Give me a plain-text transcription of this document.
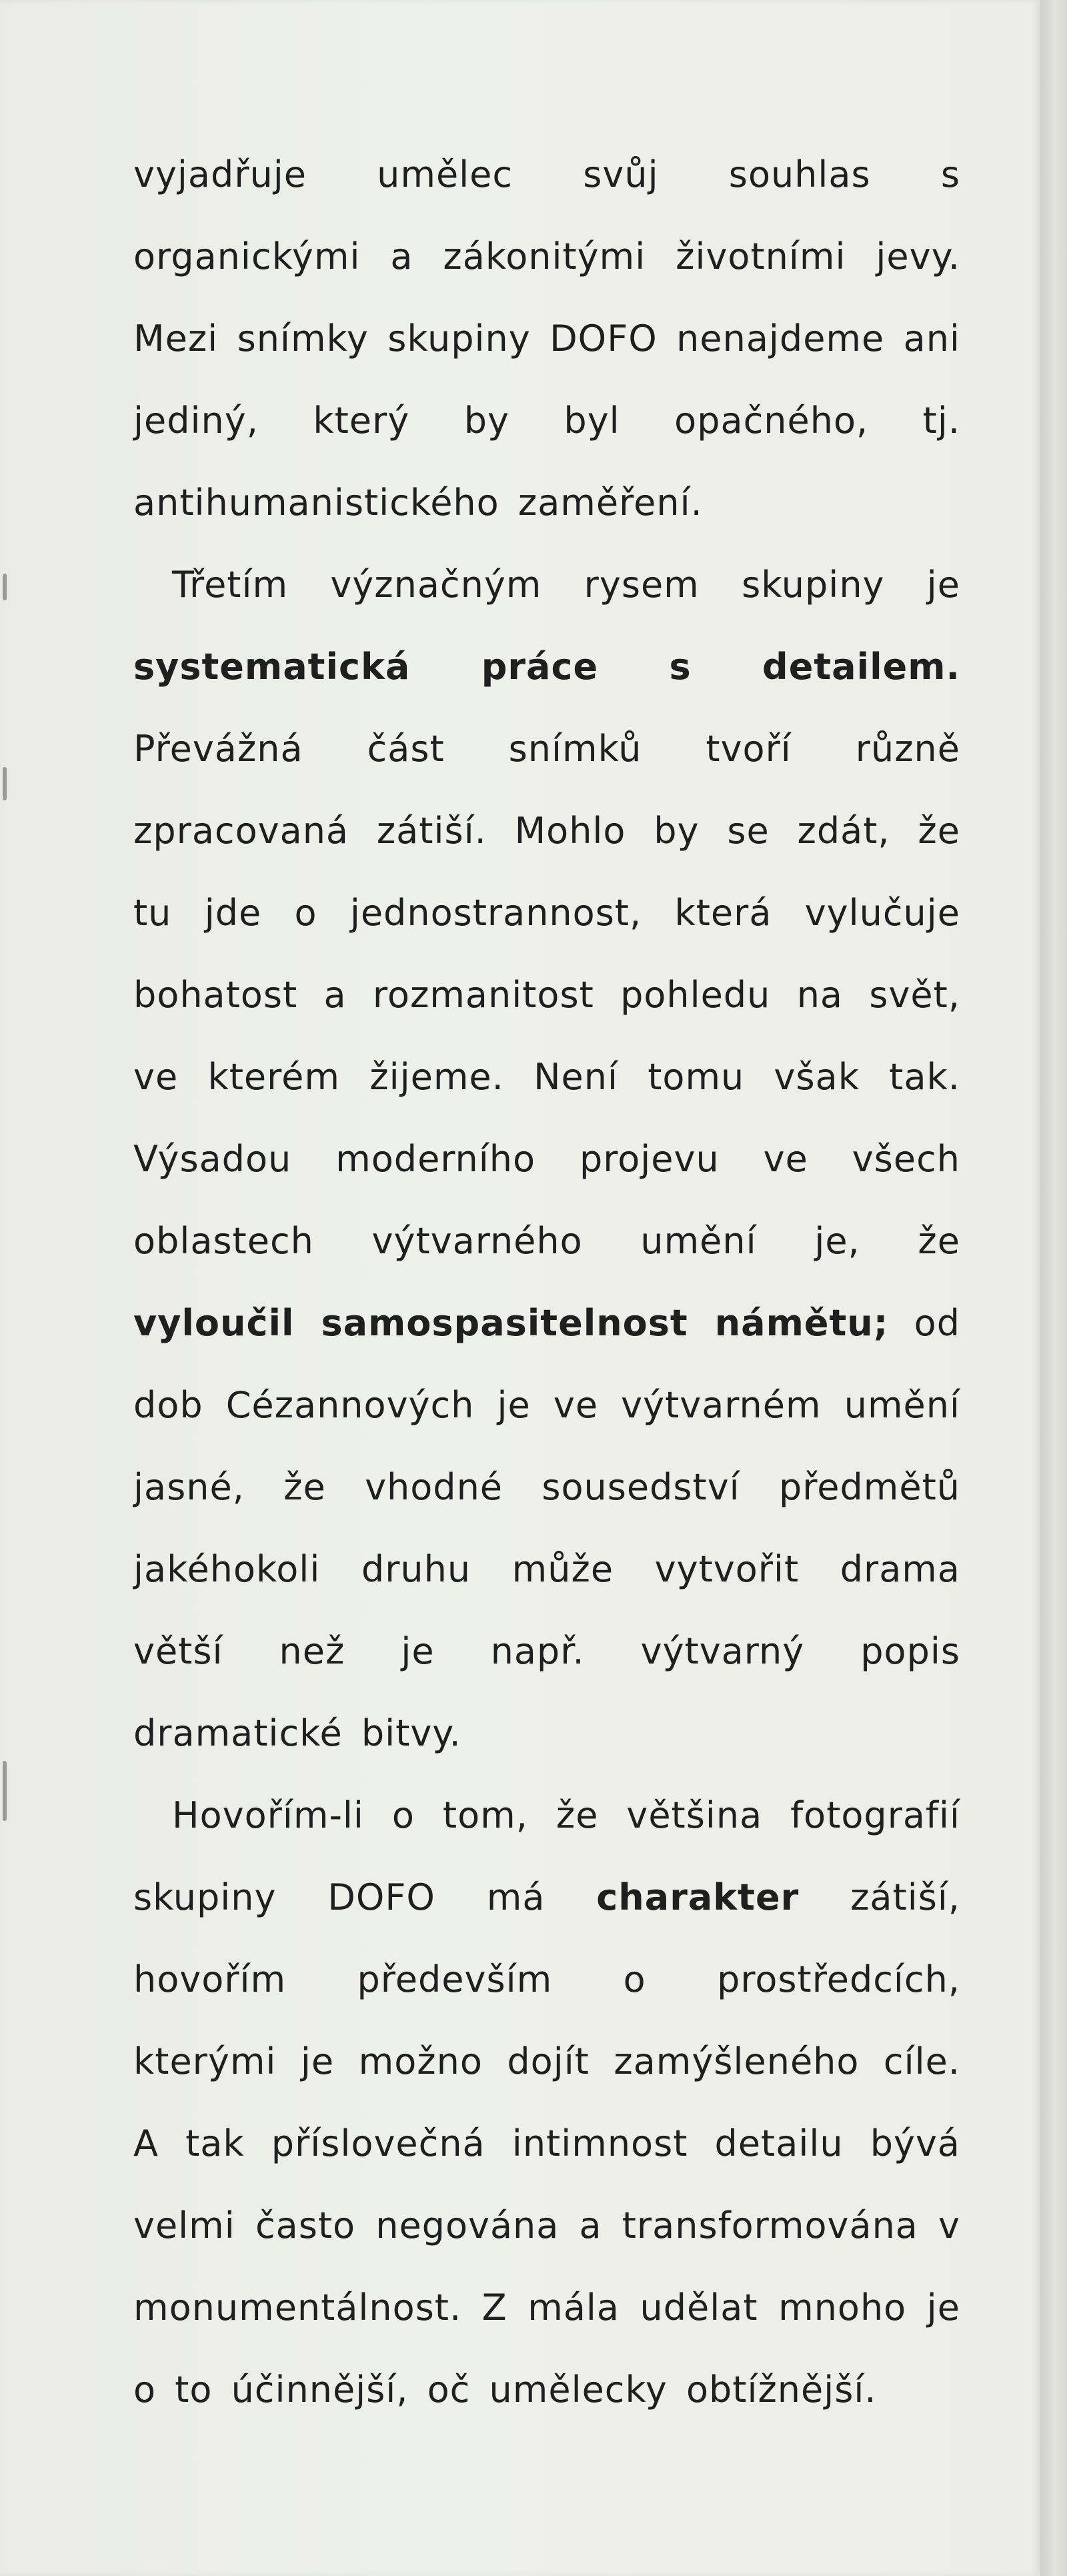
vyjadřuje umělec svůj souhlas s organickými a zákonitými životními jevy. Mezi snímky skupiny DOFO nenajdeme ani jediný, který by byl opačného, tj. antihumanistického zaměření.

Třetím význačným rysem skupiny je systematická práce s detailem. Převážná část snímků tvoří různě zpracovaná zátiší. Mohlo by se zdát, že tu jde o jednostrannost, která vylučuje bohatost a rozmanitost pohledu na svět, ve kterém žijeme. Není tomu však tak. Výsadou moderního projevu ve všech oblastech výtvarného umění je, že vyloučil samospasitelnost námětu; od dob Cézannových je ve výtvarném umění jasné, že vhodné sousedství předmětů jakéhokoli druhu může vytvořit drama větší než je např. výtvarný popis dramatické bitvy.

Hovořím-li o tom, že většina fotografií skupiny DOFO má charakter zátiší, hovořím především o prostředcích, kterými je možno dojít zamýšleného cíle. A tak příslovečná intimnost detailu bývá velmi často negována a transformována v monumentálnost. Z mála udělat mnoho je o to účinnější, oč umělecky obtížnější.
